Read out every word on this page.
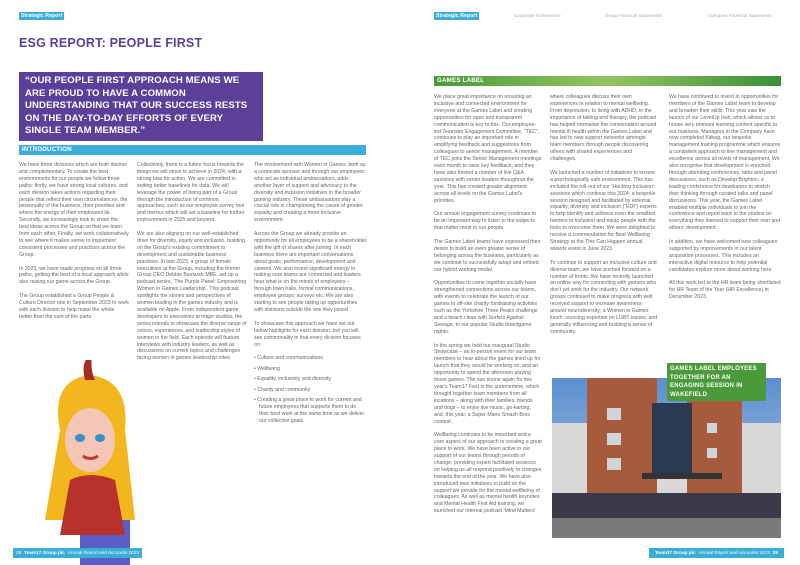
Strategic Report
ESG REPORT: PEOPLE FIRST
“OUR PEOPLE FIRST APPROACH MEANS WE ARE PROUD TO HAVE A COMMON UNDERSTANDING THAT OUR SUCCESS RESTS ON THE DAY-TO-DAY EFFORTS OF EVERY SINGLE TEAM MEMBER.”
INTRODUCTION

We have three divisions which are both distinct and complementary. To create the best environments for our people we follow three paths: firstly, we have strong local cultures, and each division takes actions regarding their people that reflect their own circumstances, the personality of the business, their priorities and where the energy of their employees lie. Secondly, we increasingly look to share the best ideas across the Group so that we learn from each other. Finally, we work collaboratively to see where it makes sense to implement consistent processes and practices across the Group.

In 2023, we have made progress on all three paths, getting the best of a local approach while also raising our game across the Group.

The Group established a Group People & Culture Director role in September 2023 to work with each division to help make the whole better than the sum of the parts.

Collectively, there is a future focus towards the things we will strive to achieve in 2024, with a strong bias for action. We are committed to setting better baselines for data. We will leverage the power of being part of a Group through the introduction of common approaches, such as our employee survey tool and metrics which will set a baseline for further improvement in 2025 and beyond.

We are also aligning on our well-established drive for diversity, equity and inclusion, building on the Group's existing commitment to development and sustainable business practices. In late 2023, a group of female executives at the Group, including the former Group CEO Debbie Bestwick MBE, set up a podcast series, 'The Purple Panel: Empowering Women in Games Leadership'. This podcast spotlights the stories and perspectives of women leading in the games industry and is available on Apple. From independent game developers to executives at major studios, the series intends to showcase the diverse range of voices, experiences, and leadership styles of women in the field. Each episode will feature interviews with industry leaders, as well as discussions on current topics and challenges facing women in games leadership roles.

The involvement with Women in Games, both as a corporate sponsor and through our employees who act as individual ambassadors, adds another layer of support and advocacy to the diversity and inclusion initiatives in the broader gaming industry. These ambassadors play a crucial role in championing the cause of gender equality and creating a more inclusive environment.

Across the Group we already provide an opportunity for all employees to be a shareholder with the gift of shares after joining. In each business there are important conversations about goals, performance, development and careers. We also invest significant energy in making sure teams are connected and leaders hear what is on the minds of employees – through town halls, formal communications, employee groups, surveys etc. We are also starting to see people taking up opportunities with divisions outside the one they joined.

To showcase this approach we have set out below highlights for each division, but you will see commonality in that every division focuses on:

• Culture and communications
• Wellbeing
• Equality, inclusivity and diversity
• Charity and community
• Creating a great place to work for current and future employees that supports them to do their best work at the same time as we deliver our collective goals.
28 Team17 Group plc Annual Report and Accounts 2023
Strategic Report	Corporate Governance	Group Financial Statements	Company Financial Statements
GAMES LABEL

We place great importance on ensuring an inclusive and connected environment for everyone at the Games Label and creating opportunities for open and transparent communication is key to this. Our employee-led Teamster Engagement Committee, “TEC”, continues to play an important role in amplifying feedback and suggestions from colleagues to senior management. A member of TEC joins the Senior Management meetings each month to raise key feedback, and they have also hosted a number of live Q&A sessions with senior leaders throughout the year. This has created greater alignment across all levels on the Games Label's priorities.

Our annual engagement survey continues to be an important way to listen to the subjects that matter most to our people.

The Games Label teams have expressed their desire to build an even greater sense of belonging across the business, particularly as we continue to successfully adapt and embed our hybrid working model.

Opportunities to come together socially have strengthened connections across our teams, with events to celebrate the launch of our games to off-site charity fundraising activities such as the Yorkshire Three Peaks challenge and a beach clean with Surfers Against Sewage, to our popular Studio boardgame nights.

In the spring we held our inaugural Studio Showcase – an in-person event for our team members to hear about the games lined up for launch that they would be working on, and an opportunity to spend the afternoon playing those games. The sun shone again for this year's Team17 Fest in the summertime, which brought together team members from all locations – along with their families, friends and dogs – to enjoy live music, go-karting, and, this year, a Super Mario Smash Bros contest.

Wellbeing continues to be important and a core aspect of our approach to creating a great place to work. We have been active in our support of our teams through periods of change, providing expert facilitated sessions on helping us all respond positively to changes towards the end of the year. We have also introduced new initiatives to build on the support we provide for the mental wellbeing of colleagues. As well as mental health keynotes and Mental Health First Aid training, we launched our internal podcast 'Mind Matters'

where colleagues discuss their own experiences in relation to mental wellbeing. From depression, to living with ADHD, to the importance of talking and therapy, the podcast has helped normalise the conversation around mental ill health within the Games Label and has led to new support networks amongst team members through people discovering others with shared experiences and challenges.

We launched a number of initiatives to ensure a psychologically safe environment. This has included the roll-out of our 'Hacking Inclusion' sessions which continue into 2024; a bespoke session designed and facilitated by external equality, diversity and inclusion (“EDI”) experts to help identify and address even the smallest barriers to inclusion and equip people with the tools to overcome them. We were delighted to receive a commendation for Best Wellbeing Strategy at the This Can Happen annual awards event in June 2023.

To continue to support an inclusive culture and diverse team, we have pushed forward on a number of fronts. We have recently launched an online way for connecting with gamers who don't yet work for the industry. Our network groups continued to make progress with well received support to increase awareness around neurodiversity; a Women in Games lunch; sourcing expertise on LGBT issues; and generally influencing and building a sense of community.

We have continued to invest in opportunities for members of the Games Label team to develop and broaden their skills. This year saw the launch of our LevelUp Hub, which allows us to house very relevant learning content specific to our business. Managers in the Company have now completed Kitbag, our bespoke management training programme which ensures a consistent approach to line management and excellence across all levels of management. We also recognise that development is enriched through attending conferences, talks and panel discussions, such as Develop:Brighton, a leading conference for developers to stretch their thinking through curated talks and panel discussions. This year, the Games Label enabled multiple individuals to join the conference and report back to the studios on everything they learned to support their own and others' development.

In addition, we have welcomed new colleagues supported by improvements in our talent acquisition processes. This includes an interactive digital resource to help potential candidates explore more about working here.

All this work led to the HR team being shortlisted for HR Team of the Year (HR Excellence) in December 2023.

GAMES LABEL EMPLOYEES TOGETHER FOR AN ENGAGING SESSION IN WAKEFIELD
Team17 Group plc Annual Report and Accounts 2023 29
